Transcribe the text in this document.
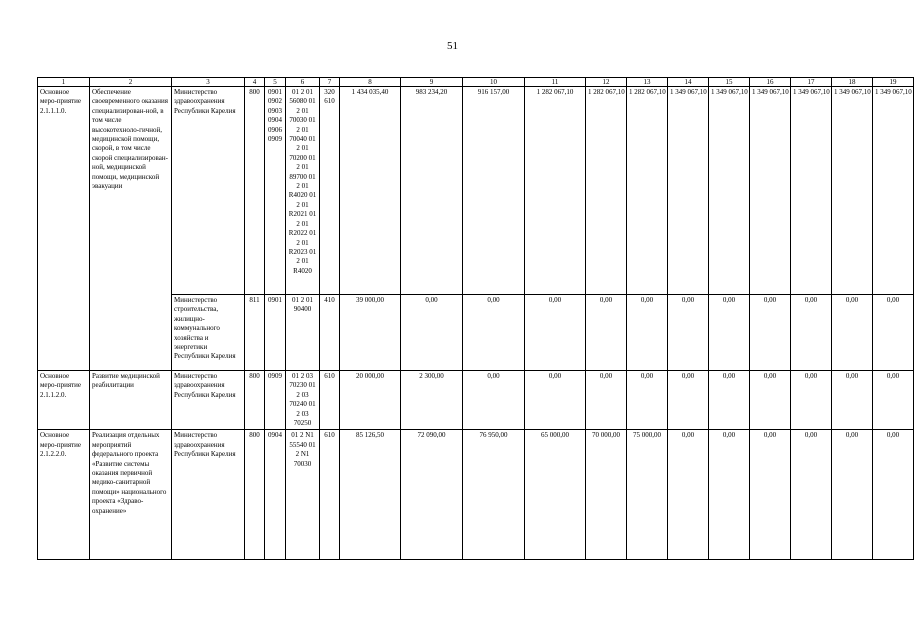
51
1	2	3	4	5	6	7	8	9	10	11	12	13	14	15	16	17	18	19
Основное меро-приятие 2.1.1.1.0.	Обеспечение своевременного оказания специализирован-ной, в том числе высокотехноло-гичной, медицинской помощи, скорой, в том числе скорой специализирован-ной, медицинской помощи, медицинской эвакуации	Министерство здравоохранения Республики Карелия	800	0901 0902 0903 0904 0906 0909	01 2 01 56080 01 2 01 70030 01 2 01 70040 01 2 01 70200 01 2 01 89700 01 2 01 R4020 01 2 01 R2021 01 2 01 R2022 01 2 01 R2023 01 2 01 R4020	320 610	1 434 035,40	983 234,20	916 157,00	1 282 067,10	1 282 067,10	1 282 067,10	1 349 067,10	1 349 067,10	1 349 067,10	1 349 067,10	1 349 067,10	1 349 067,10
		Министерство строительства, жилищно-коммунального хозяйства и энергетики Республики Карелия	811	0901	01 2 01 90400	410	39 000,00	0,00	0,00	0,00	0,00	0,00	0,00	0,00	0,00	0,00	0,00	0,00
Основное меро-приятие 2.1.1.2.0.	Развитие медицинской реабилитации	Министерство здравоохранения Республики Карелия	800	0909	01 2 03 70230 01 2 03 70240 01 2 03 70250	610	20 000,00	2 300,00	0,00	0,00	0,00	0,00	0,00	0,00	0,00	0,00	0,00	0,00
Основное меро-приятие 2.1.2.2.0.	Реализация отдельных мероприятий федерального проекта «Развитие системы оказания первичной медико-санитарной помощи» национального проекта «Здраво-охранение»	Министерство здравоохранения Республики Карелия	800	0904	01 2 N1 55540 01 2 N1 70030	610	85 126,50	72 090,00	76 950,00	65 000,00	70 000,00	75 000,00	0,00	0,00	0,00	0,00	0,00	0,00
